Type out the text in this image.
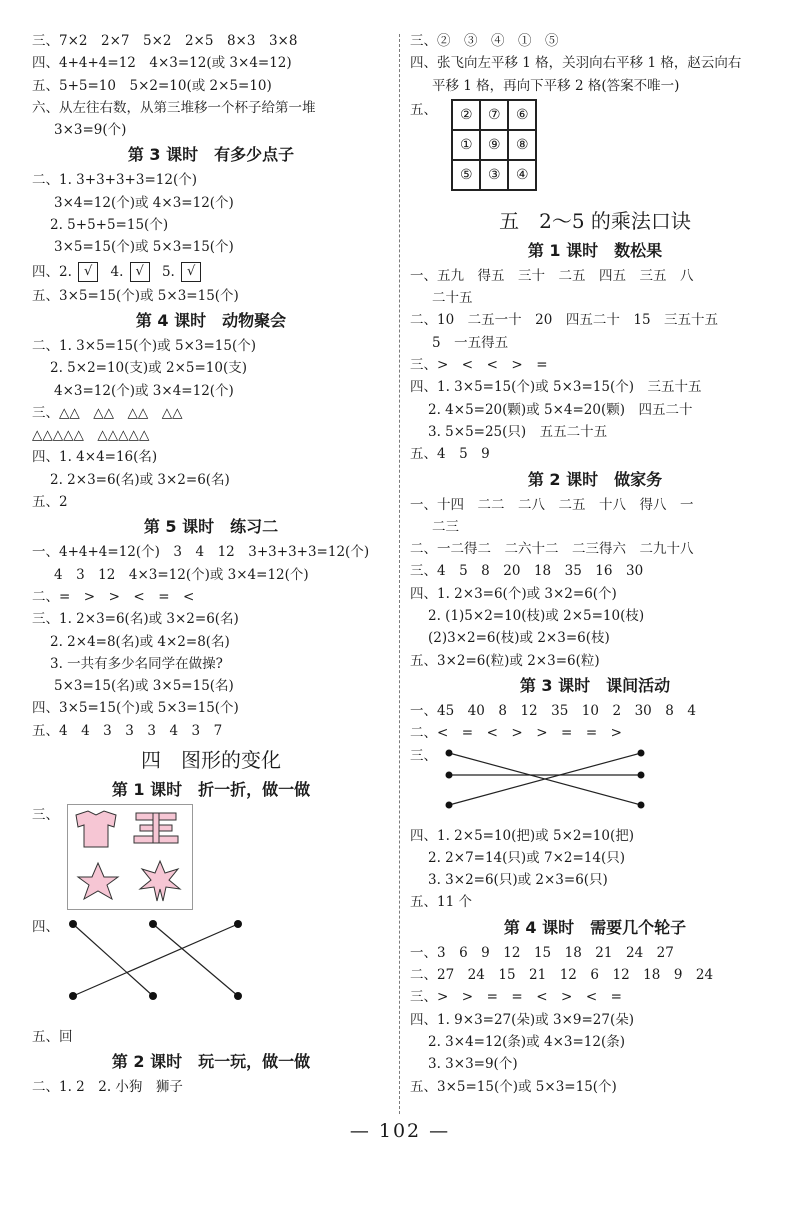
三、7×2　2×7　5×2　2×5　8×3　3×8
四、4+4+4=12　4×3=12(或 3×4=12)
五、5+5=10　5×2=10(或 2×5=10)
六、从左往右数，从第三堆移一个杯子给第一堆
3×3=9(个)
第 3 课时　有多少点子
二、1. 3+3+3+3=12(个)
3×4=12(个)或 4×3=12(个)
2. 5+5+5=15(个)
3×5=15(个)或 5×3=15(个)
四、2. √ 4. √ 5. √
五、3×5=15(个)或 5×3=15(个)
第 4 课时　动物聚会
二、1. 3×5=15(个)或 5×3=15(个)
2. 5×2=10(支)或 2×5=10(支)
4×3=12(个)或 3×4=12(个)
三、△△　△△　△△　△△
△△△△△　△△△△△
四、1. 4×4=16(名)
2. 2×3=6(名)或 3×2=6(名)
五、2
第 5 课时　练习二
一、4+4+4=12(个)　3　4　12　3+3+3+3=12(个)
4　3　12　4×3=12(个)或 3×4=12(个)
二、=　>　>　<　=　<
三、1. 2×3=6(名)或 3×2=6(名)
2. 2×4=8(名)或 4×2=8(名)
3. 一共有多少名同学在做操?
5×3=15(名)或 3×5=15(名)
四、3×5=15(个)或 5×3=15(个)
五、4　4　3　3　3　4　3　7
四　图形的变化
第 1 课时　折一折，做一做
三、
四、
五、回
第 2 课时　玩一玩，做一做
二、1. 2　2. 小狗　狮子
三、②　③　④　①　⑤
四、张飞向左平移 1 格，关羽向右平移 1 格，赵云向右
平移 1 格，再向下平移 2 格(答案不唯一)
五、	②	⑦	⑥
①	⑨	⑧
⑤	③	④
五　2～5 的乘法口诀
第 1 课时　数松果
一、五九　得五　三十　二五　四五　三五　八
二十五
二、10　二五一十　20　四五二十　15　三五十五
5　一五得五
三、>　<　<　>　=
四、1. 3×5=15(个)或 5×3=15(个)　三五十五
2. 4×5=20(颗)或 5×4=20(颗)　四五二十
3. 5×5=25(只)　五五二十五
五、4　5　9
第 2 课时　做家务
一、十四　二二　二八　二五　十八　得八　一
二三
二、一二得二　二六十二　二三得六　二九十八
三、4　5　8　20　18　35　16　30
四、1. 2×3=6(个)或 3×2=6(个)
2. (1)5×2=10(枝)或 2×5=10(枝)
(2)3×2=6(枝)或 2×3=6(枝)
五、3×2=6(粒)或 2×3=6(粒)
第 3 课时　课间活动
一、45　40　8　12　35　10　2　30　8　4
二、<　=　<　>　>　=　=　>
三、
四、1. 2×5=10(把)或 5×2=10(把)
2. 2×7=14(只)或 7×2=14(只)
3. 3×2=6(只)或 2×3=6(只)
五、11 个
第 4 课时　需要几个轮子
一、3　6　9　12　15　18　21　24　27
二、27　24　15　21　12　6　12　18　9　24
三、>　>　=　=　<　>　<　=
四、1. 9×3=27(朵)或 3×9=27(朵)
2. 3×4=12(条)或 4×3=12(条)
3. 3×3=9(个)
五、3×5=15(个)或 5×3=15(个)
— 102 —
